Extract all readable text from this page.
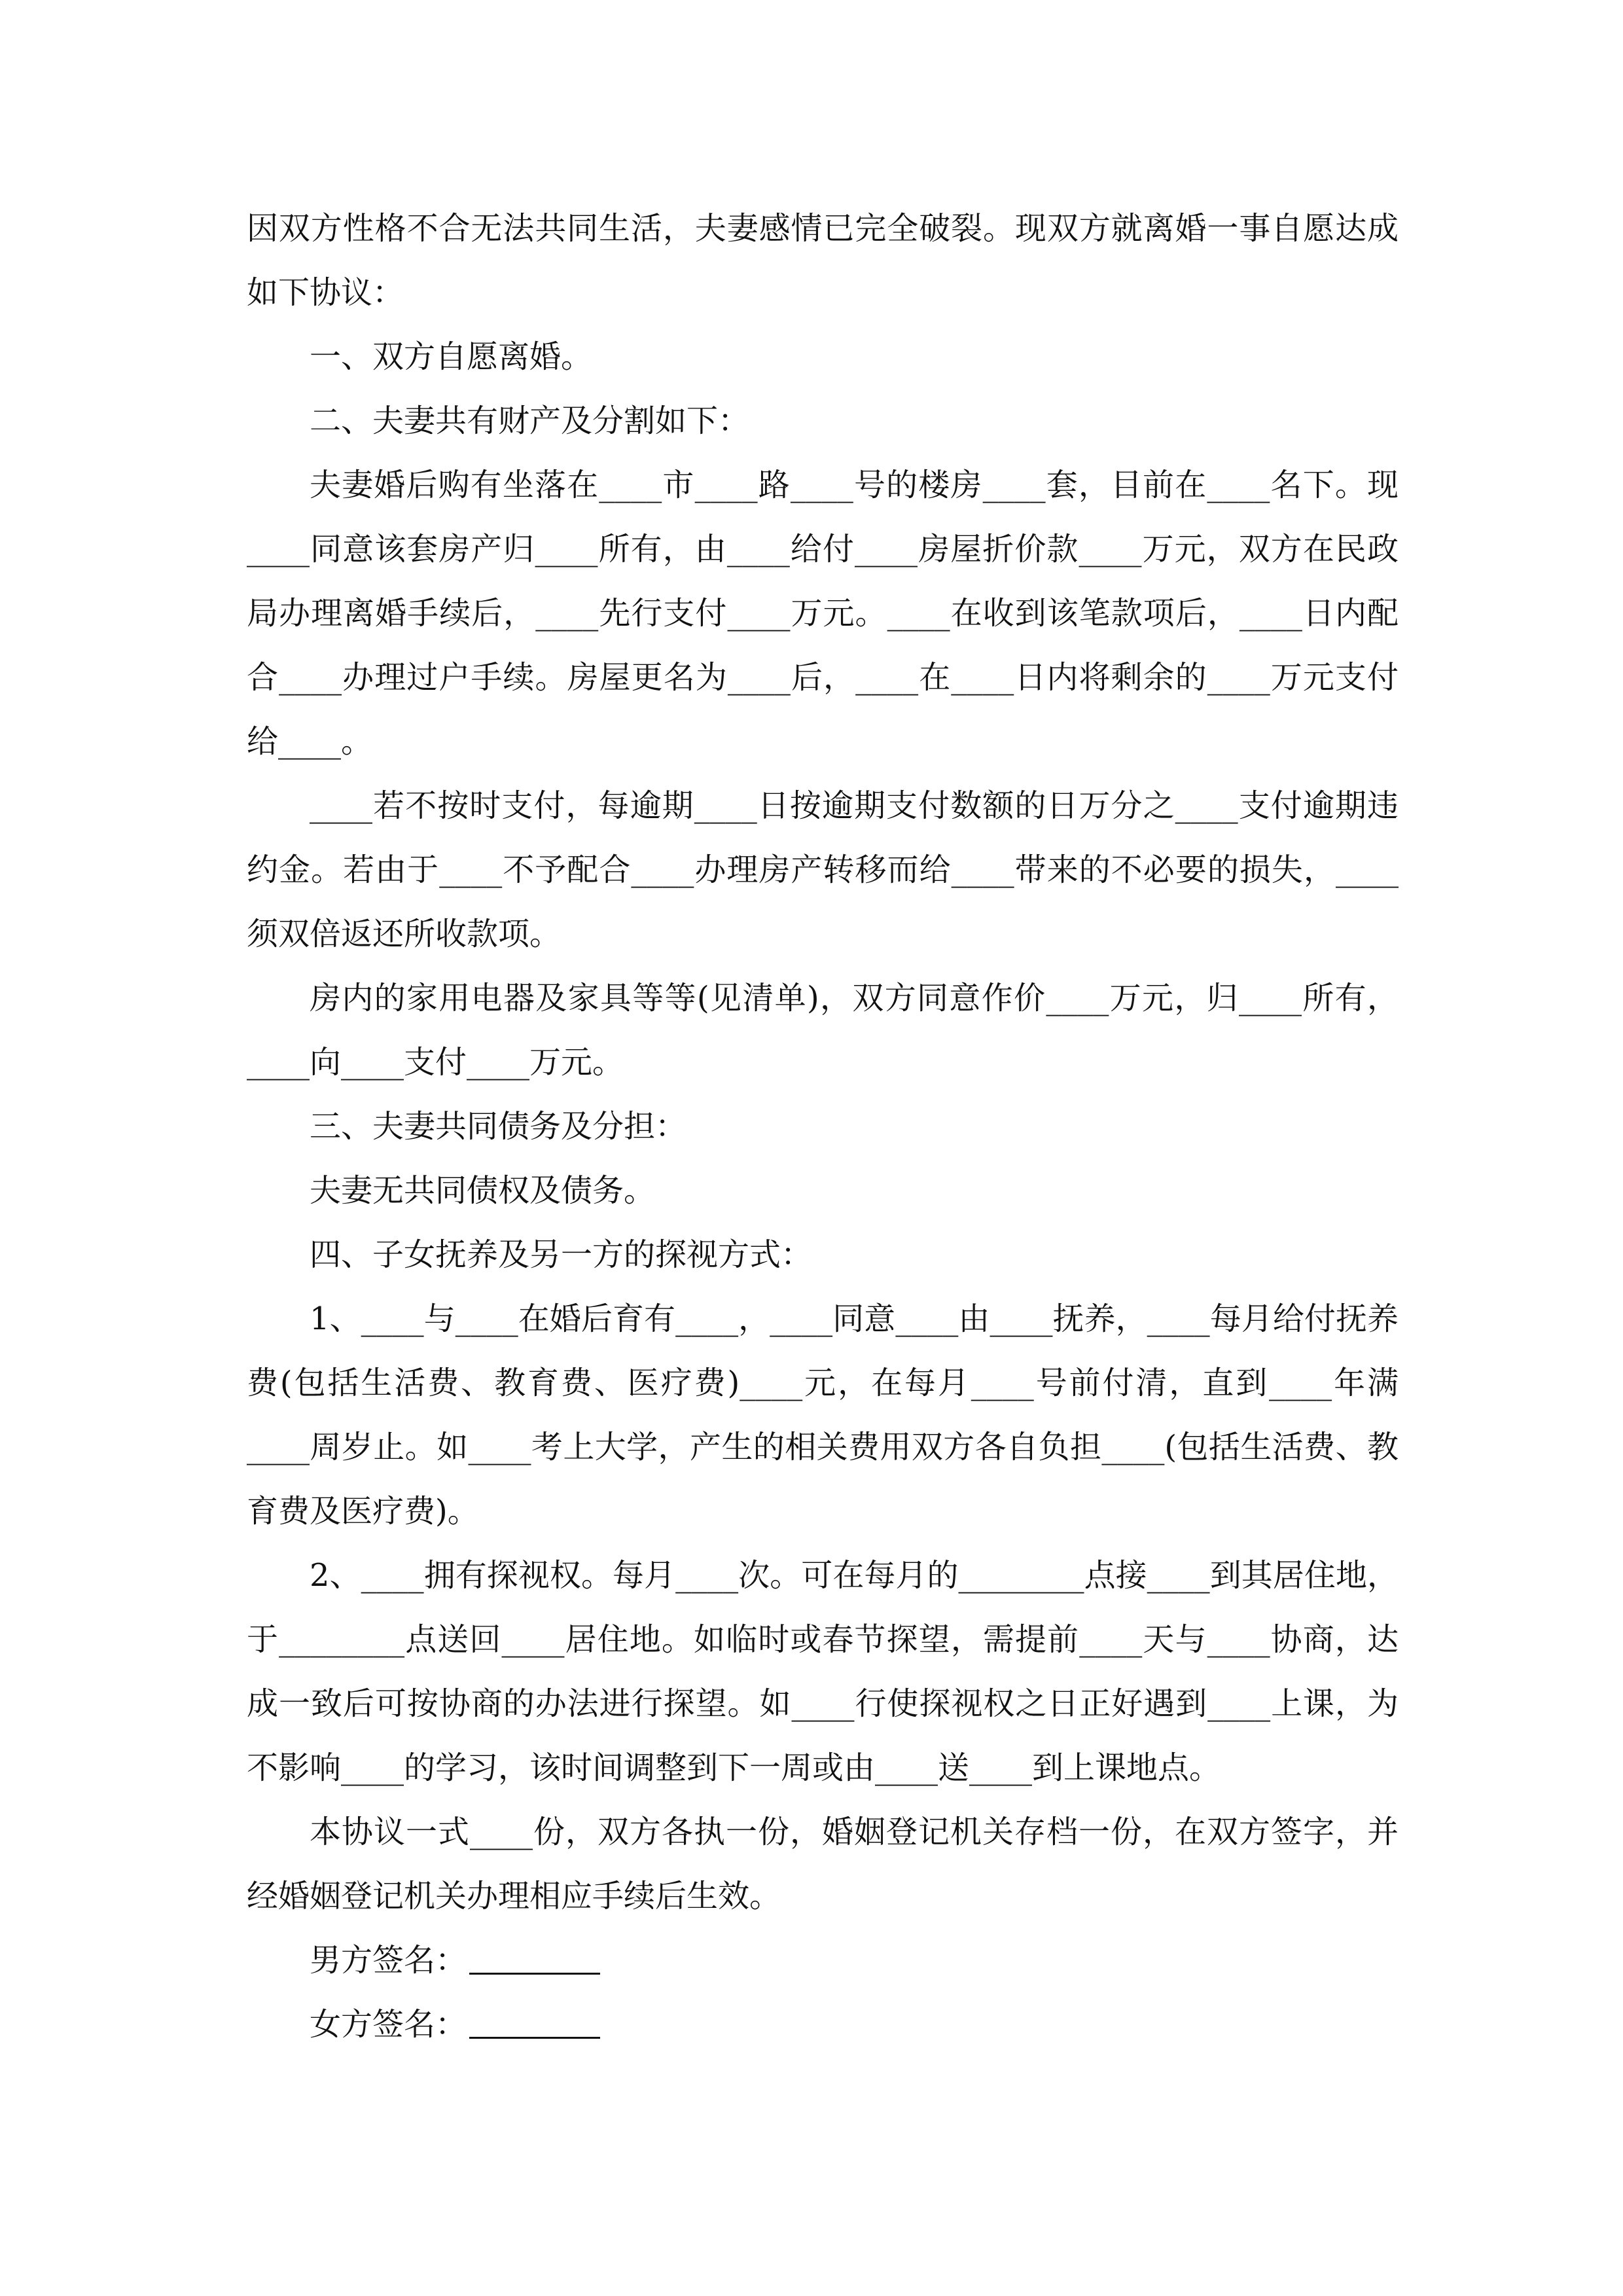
因双方性格不合无法共同生活，夫妻感情已完全破裂。现双方就离婚一事自愿达成如下协议：

一、双方自愿离婚。

二、夫妻共有财产及分割如下：

夫妻婚后购有坐落在____市____路____号的楼房____套，目前在____名下。现____同意该套房产归____所有，由____给付____房屋折价款____万元，双方在民政局办理离婚手续后，____先行支付____万元。____在收到该笔款项后，____日内配合____办理过户手续。房屋更名为____后，____在____日内将剩余的____万元支付给____。

____若不按时支付，每逾期____日按逾期支付数额的日万分之____支付逾期违约金。若由于____不予配合____办理房产转移而给____带来的不必要的损失，____须双倍返还所收款项。

房内的家用电器及家具等等(见清单)，双方同意作价____万元，归____所有，____向____支付____万元。

三、夫妻共同债务及分担：

夫妻无共同债权及债务。

四、子女抚养及另一方的探视方式：

1、____与____在婚后育有____，____同意____由____抚养，____每月给付抚养费(包括生活费、教育费、医疗费)____元，在每月____号前付清，直到____年满____周岁止。如____考上大学，产生的相关费用双方各自负担____(包括生活费、教育费及医疗费)。

2、____拥有探视权。每月____次。可在每月的________点接____到其居住地，于________点送回____居住地。如临时或春节探望，需提前____天与____协商，达成一致后可按协商的办法进行探望。如____行使探视权之日正好遇到____上课，为不影响____的学习，该时间调整到下一周或由____送____到上课地点。

本协议一式____份，双方各执一份，婚姻登记机关存档一份，在双方签字，并经婚姻登记机关办理相应手续后生效。

男方签名：

女方签名：
